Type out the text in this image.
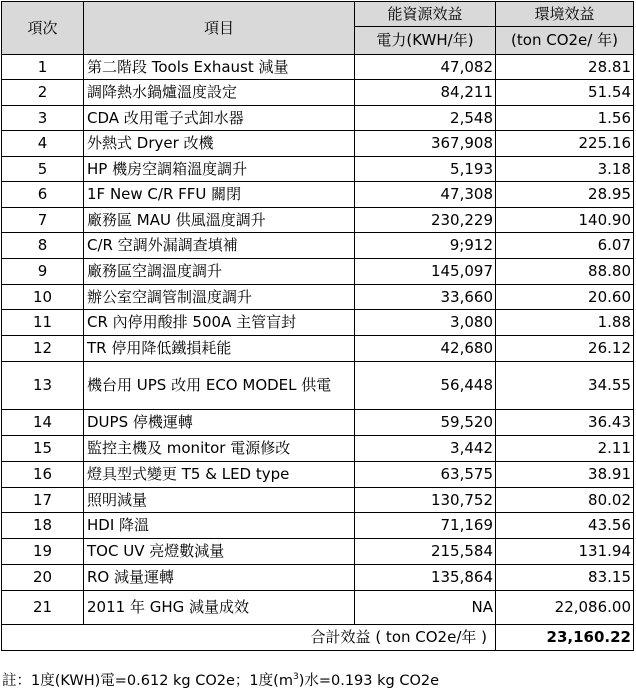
項次	項目	能資源效益	環境效益
		電力(KWH/年)	(ton CO2e/ 年)
1	第二階段 Tools Exhaust 減量	47,082	28.81
2	調降熱水鍋爐溫度設定	84,211	51.54
3	CDA 改用電子式卸水器	2,548	1.56
4	外熱式 Dryer 改機	367,908	225.16
5	HP 機房空調箱溫度調升	5,193	3.18
6	1F New C/R FFU 關閉	47,308	28.95
7	廠務區 MAU 供風溫度調升	230,229	140.90
8	C/R 空調外漏調查填補	9;912	6.07
9	廠務區空調溫度調升	145,097	88.80
10	辦公室空調管制溫度調升	33,660	20.60
11	CR 內停用酸排 500A 主管盲封	3,080	1.88
12	TR 停用降低鐵損耗能	42,680	26.12
13	機台用 UPS 改用 ECO MODEL 供電	56,448	34.55
14	DUPS 停機運轉	59,520	36.43
15	監控主機及 monitor 電源修改	3,442	2.11
16	燈具型式變更 T5 & LED type	63,575	38.91
17	照明減量	130,752	80.02
18	HDI 降溫	71,169	43.56
19	TOC UV 亮燈數減量	215,584	131.94
20	RO 減量運轉	135,864	83.15
21	2011 年 GHG 減量成效	NA	22,086.00
合計效益 ( ton CO2e/年 )			23,160.22
註：1度(KWH)電=0.612 kg CO2e；1度$(m^3)$水=0.193 kg CO2e
